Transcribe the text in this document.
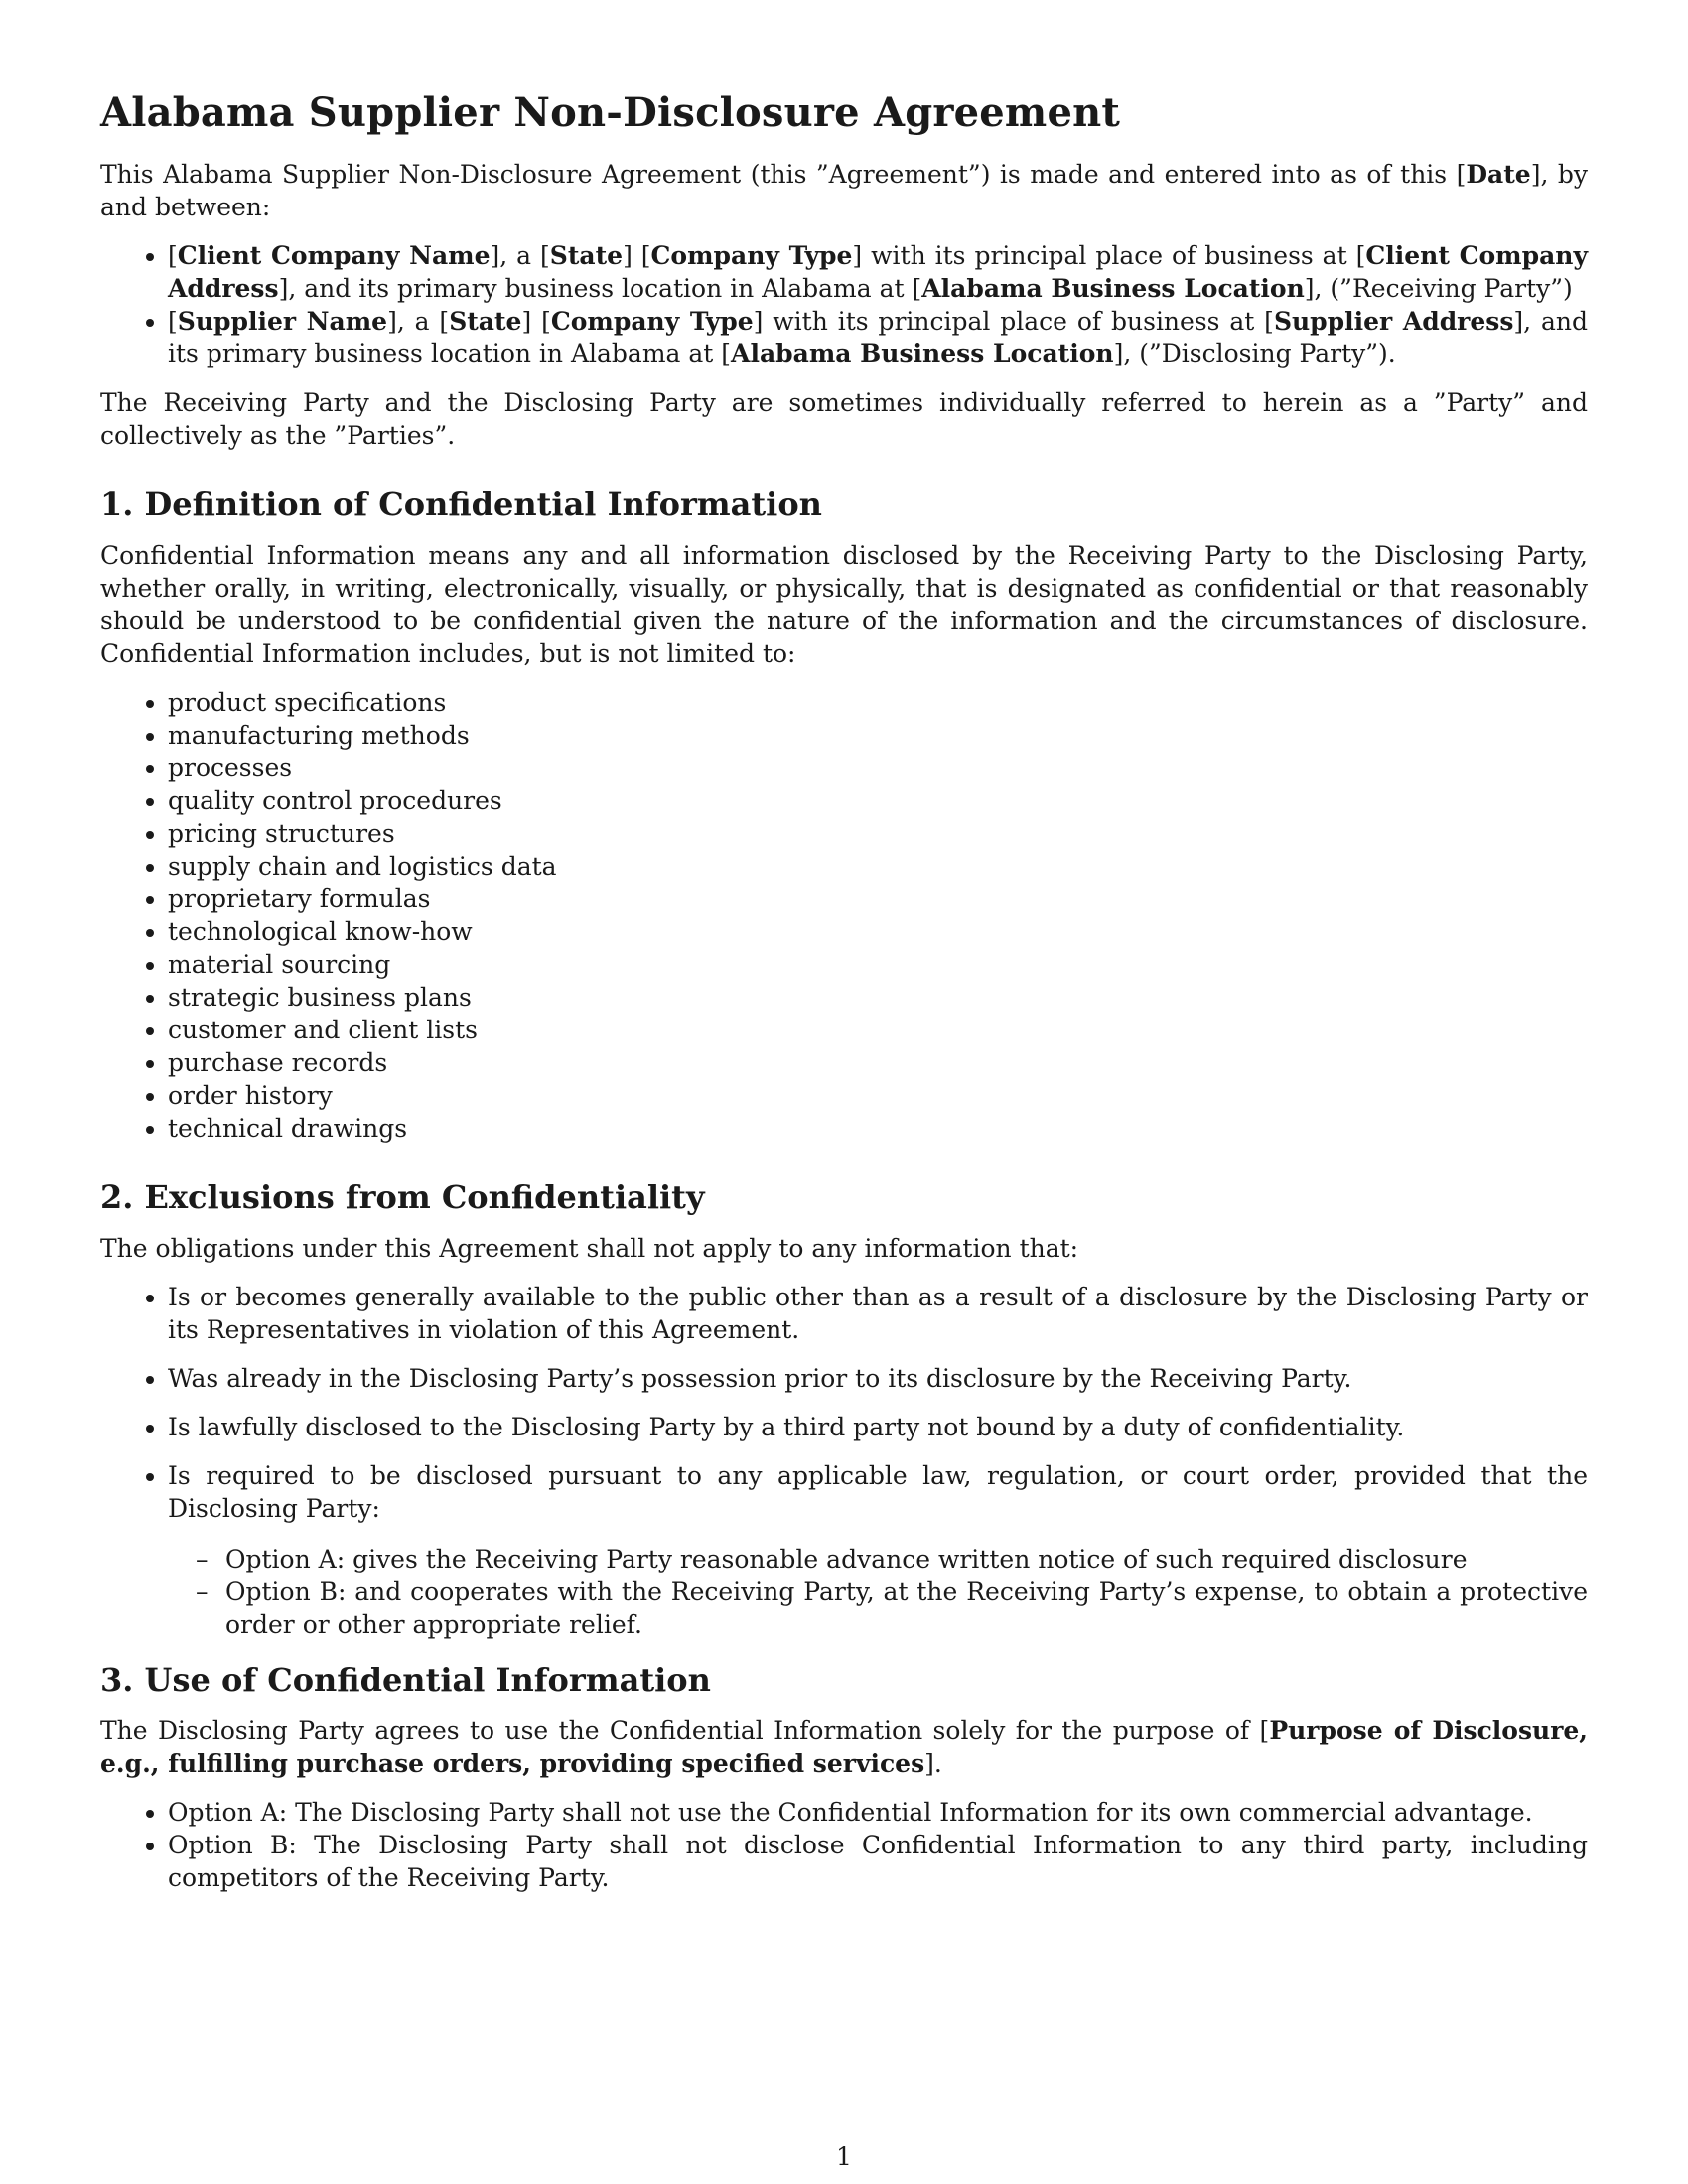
Alabama Supplier Non-Disclosure Agreement

This Alabama Supplier Non-Disclosure Agreement (this ”Agreement”) is made and entered into as of this [Date], by and between:

• [Client Company Name], a [State] [Company Type] with its principal place of business at [Client Company Address], and its primary business location in Alabama at [Alabama Business Location], (”Receiving Party”)
• [Supplier Name], a [State] [Company Type] with its principal place of business at [Supplier Address], and its primary business location in Alabama at [Alabama Business Location], (”Disclosing Party”).

The Receiving Party and the Disclosing Party are sometimes individually referred to herein as a ”Party” and collectively as the ”Parties”.

1. Definition of Confidential Information

Confidential Information means any and all information disclosed by the Receiving Party to the Disclosing Party, whether orally, in writing, electronically, visually, or physically, that is designated as confidential or that reasonably should be understood to be confidential given the nature of the information and the circumstances of disclosure. Confidential Information includes, but is not limited to:

• product specifications
• manufacturing methods
• processes
• quality control procedures
• pricing structures
• supply chain and logistics data
• proprietary formulas
• technological know-how
• material sourcing
• strategic business plans
• customer and client lists
• purchase records
• order history
• technical drawings
2. Exclusions from Confidentiality

The obligations under this Agreement shall not apply to any information that:

• Is or becomes generally available to the public other than as a result of a disclosure by the Disclosing Party or its Representatives in violation of this Agreement.
• Was already in the Disclosing Party’s possession prior to its disclosure by the Receiving Party.
• Is lawfully disclosed to the Disclosing Party by a third party not bound by a duty of confidentiality.
• Is required to be disclosed pursuant to any applicable law, regulation, or court order, provided that the Disclosing Party:
– Option A: gives the Receiving Party reasonable advance written notice of such required disclosure
– Option B: and cooperates with the Receiving Party, at the Receiving Party’s expense, to obtain a protective order or other appropriate relief.
3. Use of Confidential Information

The Disclosing Party agrees to use the Confidential Information solely for the purpose of [Purpose of Disclosure, e.g., fulfilling purchase orders, providing specified services].

• Option A: The Disclosing Party shall not use the Confidential Information for its own commercial advantage.
• Option B: The Disclosing Party shall not disclose Confidential Information to any third party, including competitors of the Receiving Party.
1
